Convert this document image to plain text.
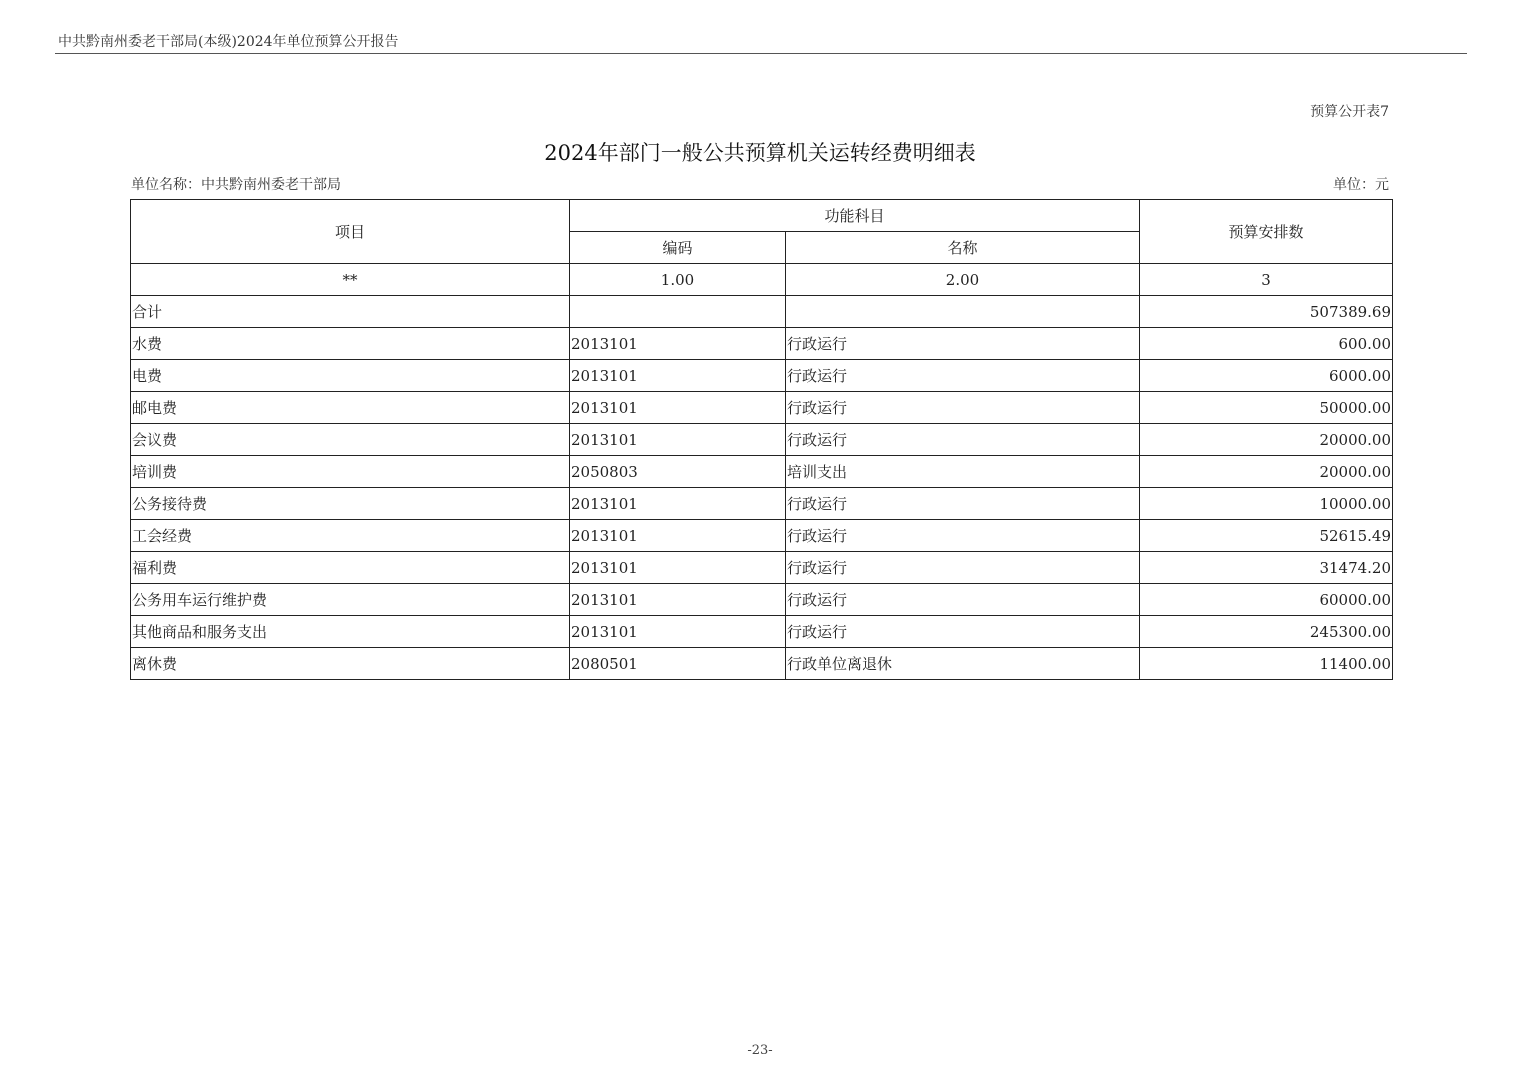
中共黔南州委老干部局(本级)2024年单位预算公开报告
预算公开表7
2024年部门一般公共预算机关运转经费明细表
单位名称：中共黔南州委老干部局	单位：元
项目	功能科目		预算安排数
	编码	名称	
**	1.00	2.00	3
合计			507389.69
水费	2013101	行政运行	600.00
电费	2013101	行政运行	6000.00
邮电费	2013101	行政运行	50000.00
会议费	2013101	行政运行	20000.00
培训费	2050803	培训支出	20000.00
公务接待费	2013101	行政运行	10000.00
工会经费	2013101	行政运行	52615.49
福利费	2013101	行政运行	31474.20
公务用车运行维护费	2013101	行政运行	60000.00
其他商品和服务支出	2013101	行政运行	245300.00
离休费	2080501	行政单位离退休	11400.00
-23-
